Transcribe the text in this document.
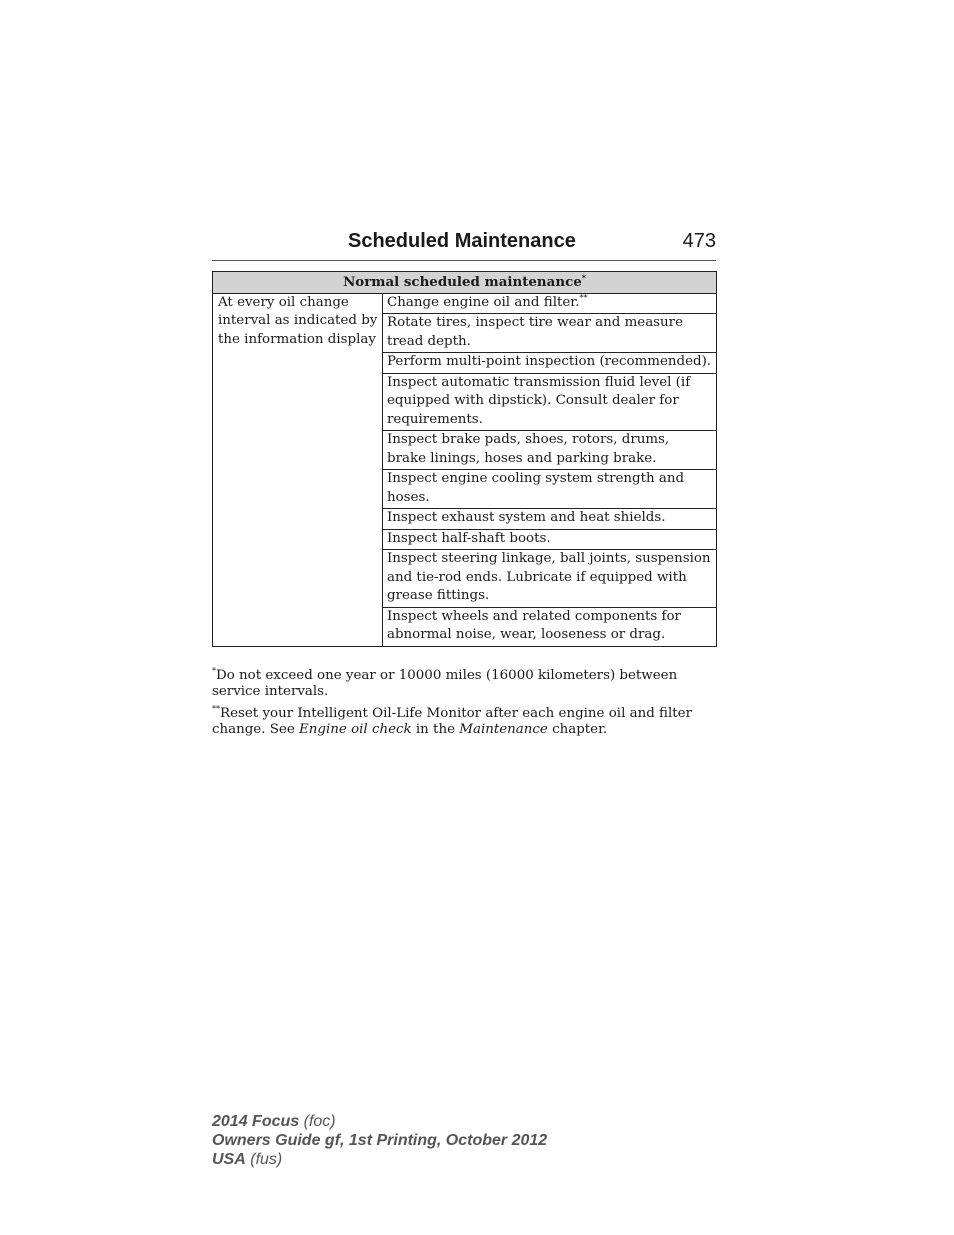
Scheduled Maintenance	473
Normal scheduled maintenance*
At every oil change interval as indicated by the information display	Change engine oil and filter.**
Rotate tires, inspect tire wear and measure tread depth.
Perform multi-point inspection (recommended).
Inspect automatic transmission fluid level (if equipped with dipstick). Consult dealer for requirements.
Inspect brake pads, shoes, rotors, drums, brake linings, hoses and parking brake.
Inspect engine cooling system strength and hoses.
Inspect exhaust system and heat shields.
Inspect half-shaft boots.
Inspect steering linkage, ball joints, suspension and tie-rod ends. Lubricate if equipped with grease fittings.
Inspect wheels and related components for abnormal noise, wear, looseness or drag.

*Do not exceed one year or 10000 miles (16000 kilometers) between service intervals.

**Reset your Intelligent Oil-Life Monitor after each engine oil and filter change. See Engine oil check in the Maintenance chapter.

2014 Focus (foc)
Owners Guide gf, 1st Printing, October 2012
USA (fus)
